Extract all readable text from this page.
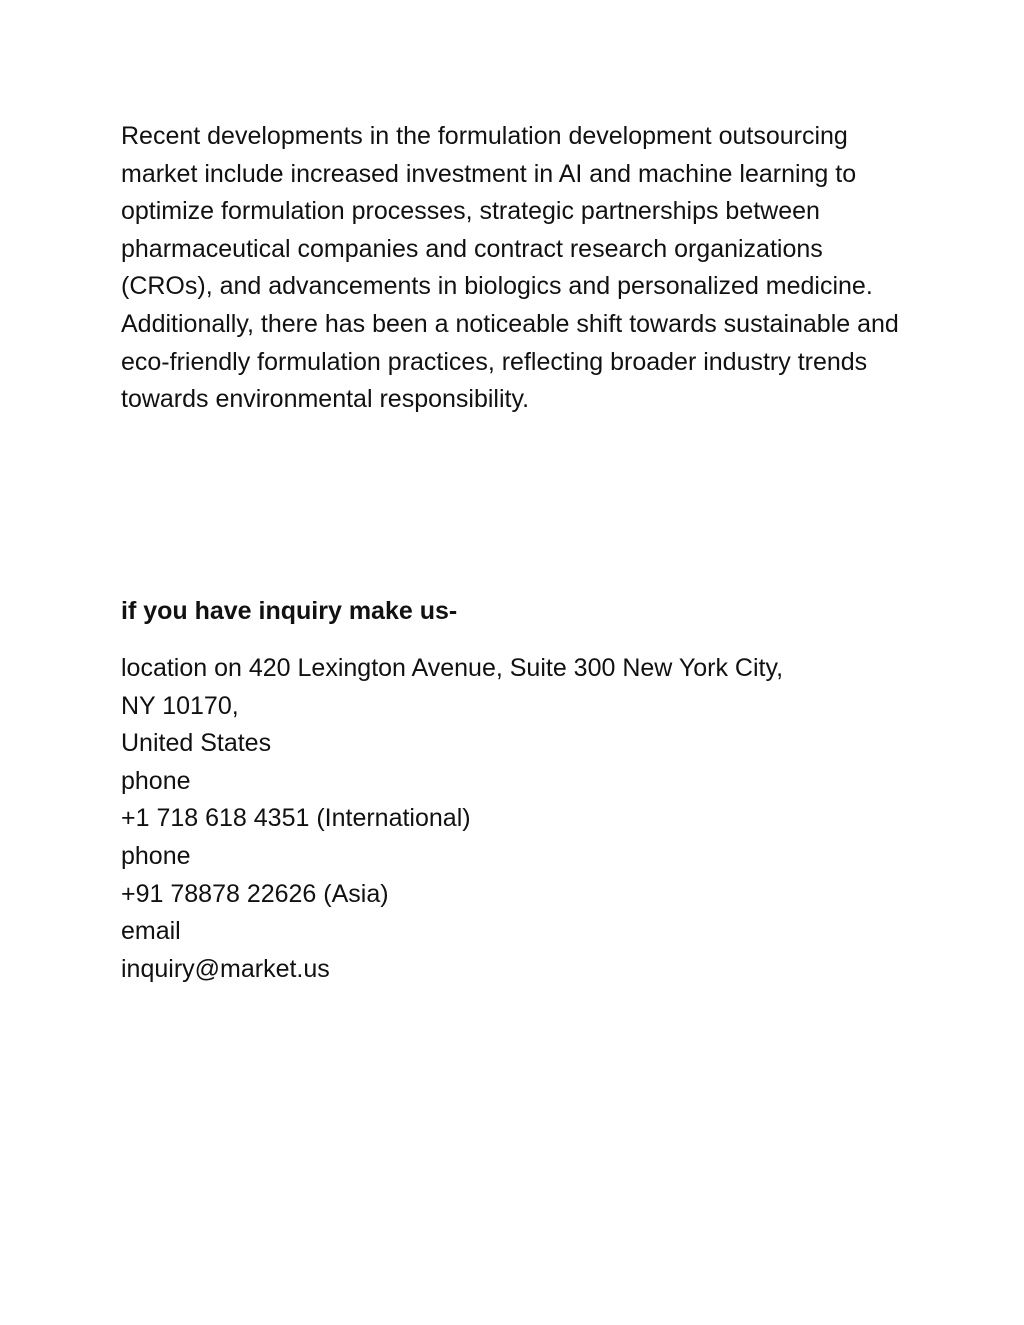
Recent developments in the formulation development outsourcing market include increased investment in AI and machine learning to optimize formulation processes, strategic partnerships between pharmaceutical companies and contract research organizations (CROs), and advancements in biologics and personalized medicine. Additionally, there has been a noticeable shift towards sustainable and eco-friendly formulation practices, reflecting broader industry trends towards environmental responsibility.

if you have inquiry make us-

location on 420 Lexington Avenue, Suite 300 New York City,
NY 10170,
United States
phone
+1 718 618 4351 (International)
phone
+91 78878 22626 (Asia)
email
inquiry@market.us
